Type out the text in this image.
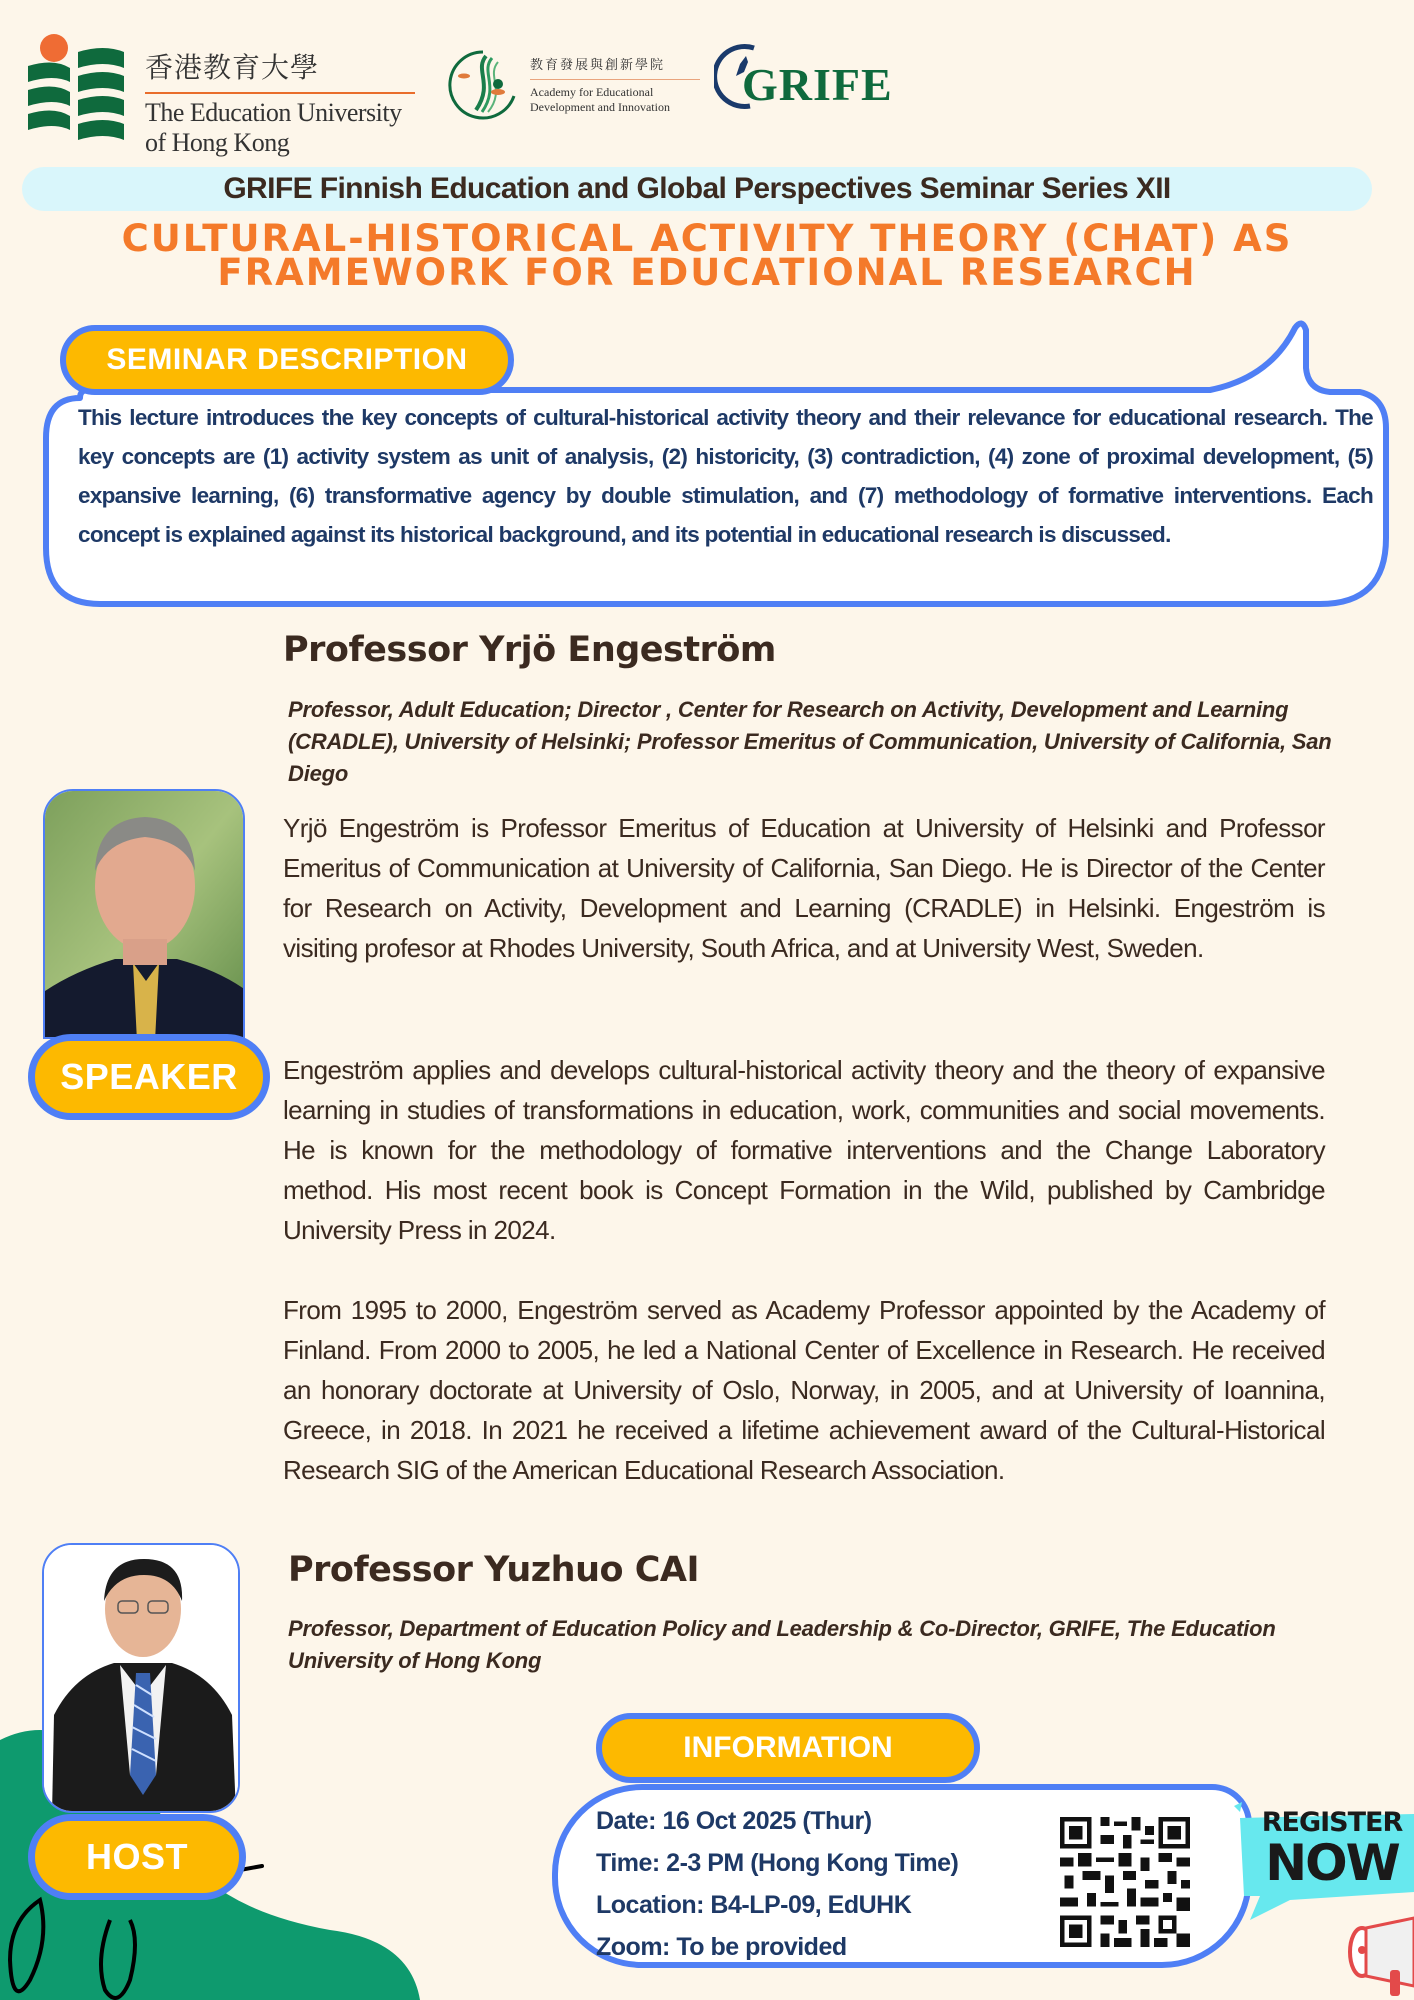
香港教育大學
The Education University
of Hong Kong
教育發展與創新學院
Academy for Educational
Development and Innovation	GRIFE
GRIFE Finnish Education and Global Perspectives Seminar Series XII
CULTURAL-HISTORICAL ACTIVITY THEORY (CHAT) AS
FRAMEWORK FOR EDUCATIONAL RESEARCH
SEMINAR DESCRIPTION
This lecture introduces the key concepts of cultural-historical activity theory and their relevance for educational research. The key concepts are (1) activity system as unit of analysis, (2) historicity, (3) contradiction, (4) zone of proximal development, (5) expansive learning, (6) transformative agency by double stimulation, and (7) methodology of formative interventions. Each concept is explained against its historical background, and its potential in educational research is discussed.
Professor Yrjö Engeström
Professor, Adult Education; Director , Center for Research on Activity, Development and Learning (CRADLE), University of Helsinki; Professor Emeritus of Communication, University of California, San Diego
SPEAKER
Yrjö Engeström is Professor Emeritus of Education at University of Helsinki and Professor Emeritus of Communication at University of California, San Diego. He is Director of the Center for Research on Activity, Development and Learning (CRADLE) in Helsinki. Engeström is visiting profesor at Rhodes University, South Africa, and at University West, Sweden.
Engeström applies and develops cultural-historical activity theory and the theory of expansive learning in studies of transformations in education, work, communities and social movements. He is known for the methodology of formative interventions and the Change Laboratory method. His most recent book is Concept Formation in the Wild, published by Cambridge University Press in 2024.
From 1995 to 2000, Engeström served as Academy Professor appointed by the Academy of Finland. From 2000 to 2005, he led a National Center of Excellence in Research. He received an honorary doctorate at University of Oslo, Norway, in 2005, and at University of Ioannina, Greece, in 2018. In 2021 he received a lifetime achievement award of the Cultural-Historical Research SIG of the American Educational Research Association.
Professor Yuzhuo CAI
Professor, Department of Education Policy and Leadership & Co-Director, GRIFE, The Education University of Hong Kong
HOST
INFORMATION
Date: 16 Oct 2025 (Thur)
Time: 2-3 PM (Hong Kong Time)
Location: B4-LP-09, EdUHK
Zoom: To be provided
REGISTER
NOW
